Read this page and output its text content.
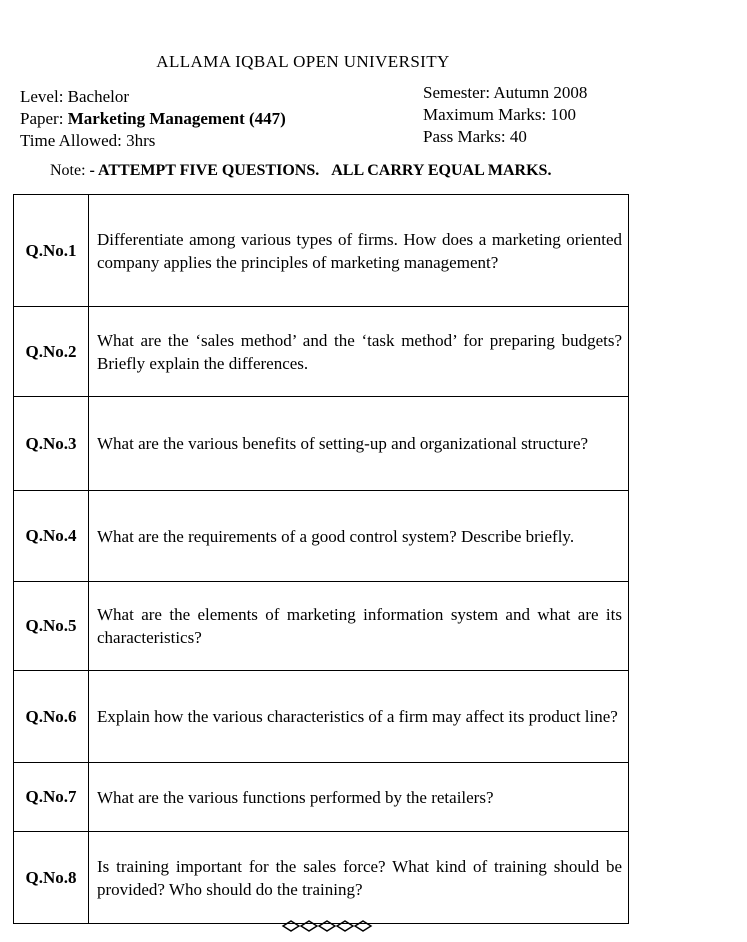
ALLAMA IQBAL OPEN UNIVERSITY
Level: Bachelor
Paper: Marketing Management (447)
Time Allowed: 3hrs
Semester: Autumn 2008
Maximum Marks: 100
Pass Marks: 40
Note: - ATTEMPT FIVE QUESTIONS. ALL CARRY EQUAL MARKS.
Q.No.1	Differentiate among various types of firms. How does a marketing oriented company applies the principles of marketing management?
Q.No.2	What are the ‘sales method’ and the ‘task method’ for preparing budgets? Briefly explain the differences.
Q.No.3	What are the various benefits of setting-up and organizational structure?
Q.No.4	What are the requirements of a good control system? Describe briefly.
Q.No.5	What are the elements of marketing information system and what are its characteristics?
Q.No.6	Explain how the various characteristics of a firm may affect its product line?
Q.No.7	What are the various functions performed by the retailers?
Q.No.8	Is training important for the sales force? What kind of training should be provided? Who should do the training?
